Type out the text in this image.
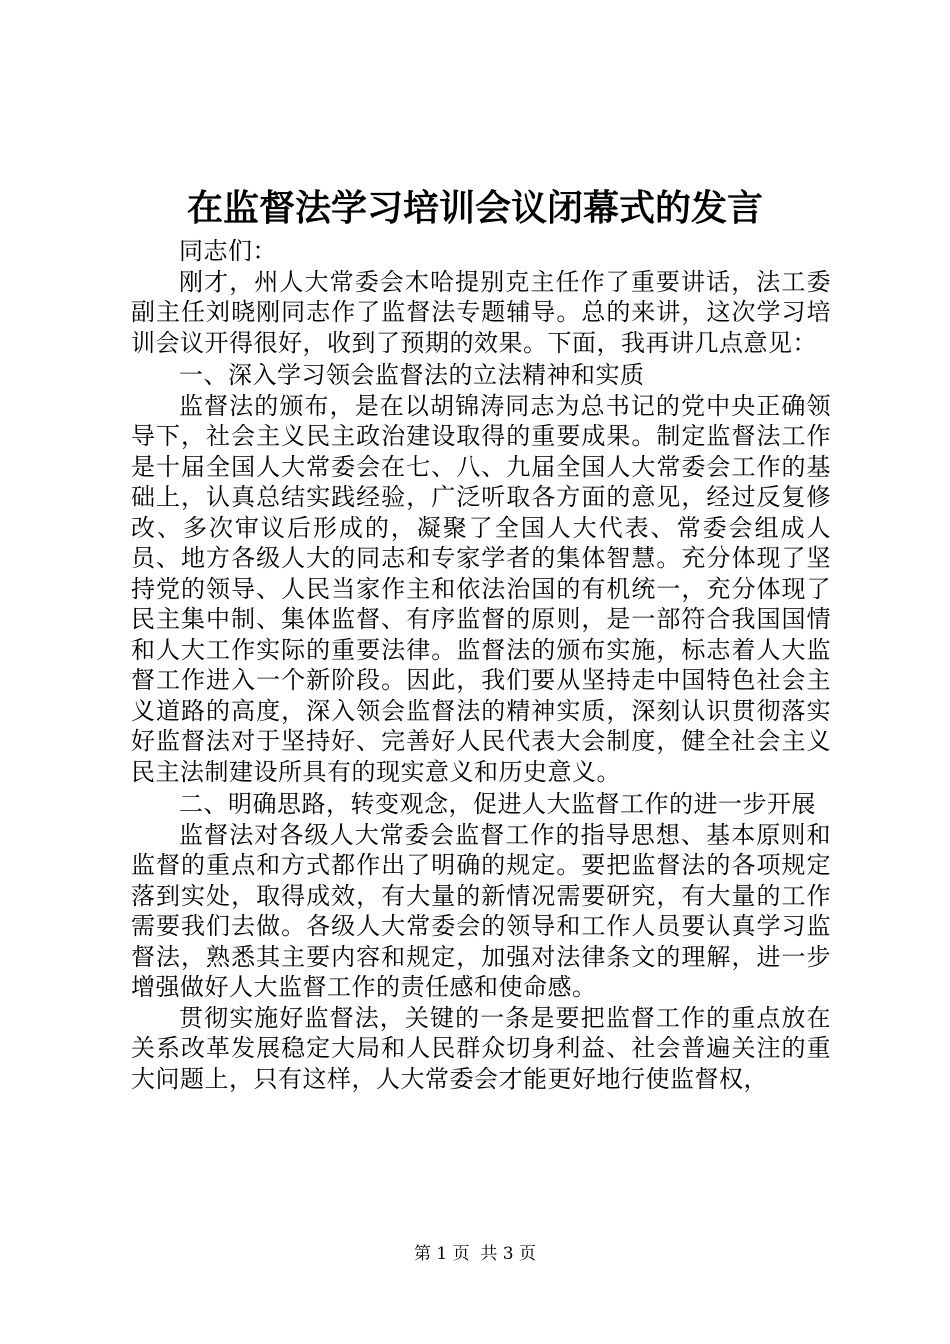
在监督法学习培训会议闭幕式的发言

同志们：

刚才，州人大常委会木哈提别克主任作了重要讲话，法工委副主任刘晓刚同志作了监督法专题辅导。总的来讲，这次学习培训会议开得很好，收到了预期的效果。下面，我再讲几点意见：

一、深入学习领会监督法的立法精神和实质

监督法的颁布，是在以胡锦涛同志为总书记的党中央正确领导下，社会主义民主政治建设取得的重要成果。制定监督法工作是十届全国人大常委会在七、八、九届全国人大常委会工作的基础上，认真总结实践经验，广泛听取各方面的意见，经过反复修改、多次审议后形成的，凝聚了全国人大代表、常委会组成人员、地方各级人大的同志和专家学者的集体智慧。充分体现了坚持党的领导、人民当家作主和依法治国的有机统一，充分体现了民主集中制、集体监督、有序监督的原则，是一部符合我国国情和人大工作实际的重要法律。监督法的颁布实施，标志着人大监督工作进入一个新阶段。因此，我们要从坚持走中国特色社会主义道路的高度，深入领会监督法的精神实质，深刻认识贯彻落实好监督法对于坚持好、完善好人民代表大会制度，健全社会主义民主法制建设所具有的现实意义和历史意义。

二、明确思路，转变观念，促进人大监督工作的进一步开展

监督法对各级人大常委会监督工作的指导思想、基本原则和监督的重点和方式都作出了明确的规定。要把监督法的各项规定落到实处，取得成效，有大量的新情况需要研究，有大量的工作需要我们去做。各级人大常委会的领导和工作人员要认真学习监督法，熟悉其主要内容和规定，加强对法律条文的理解，进一步增强做好人大监督工作的责任感和使命感。

贯彻实施好监督法，关键的一条是要把监督工作的重点放在关系改革发展稳定大局和人民群众切身利益、社会普遍关注的重大问题上，只有这样，人大常委会才能更好地行使监督权，

第 1 页 共 3 页
